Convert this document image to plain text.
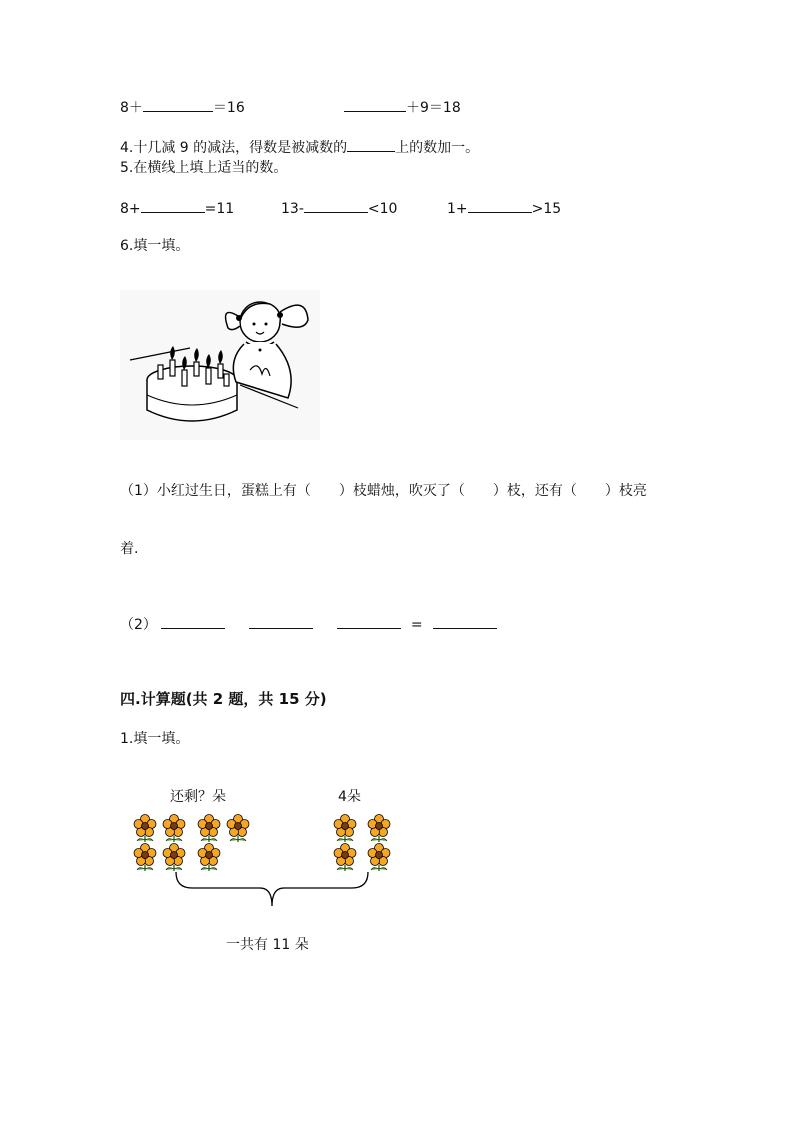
8＋	＝16	＋9＝18
4.十几减 9 的减法，得数是被减数的	上的数加一。
5.在横线上填上适当的数。
8+	=11	13-	<10	1+	>15
6.填一填。
（1）小红过生日，蛋糕上有（　　）枝蜡烛，吹灭了（　　）枝，还有（　　）枝亮
着.
（2）	=
四.计算题(共 2 题，共 15 分)
1.填一填。
还剩？朵	4朵
一共有 11 朵
